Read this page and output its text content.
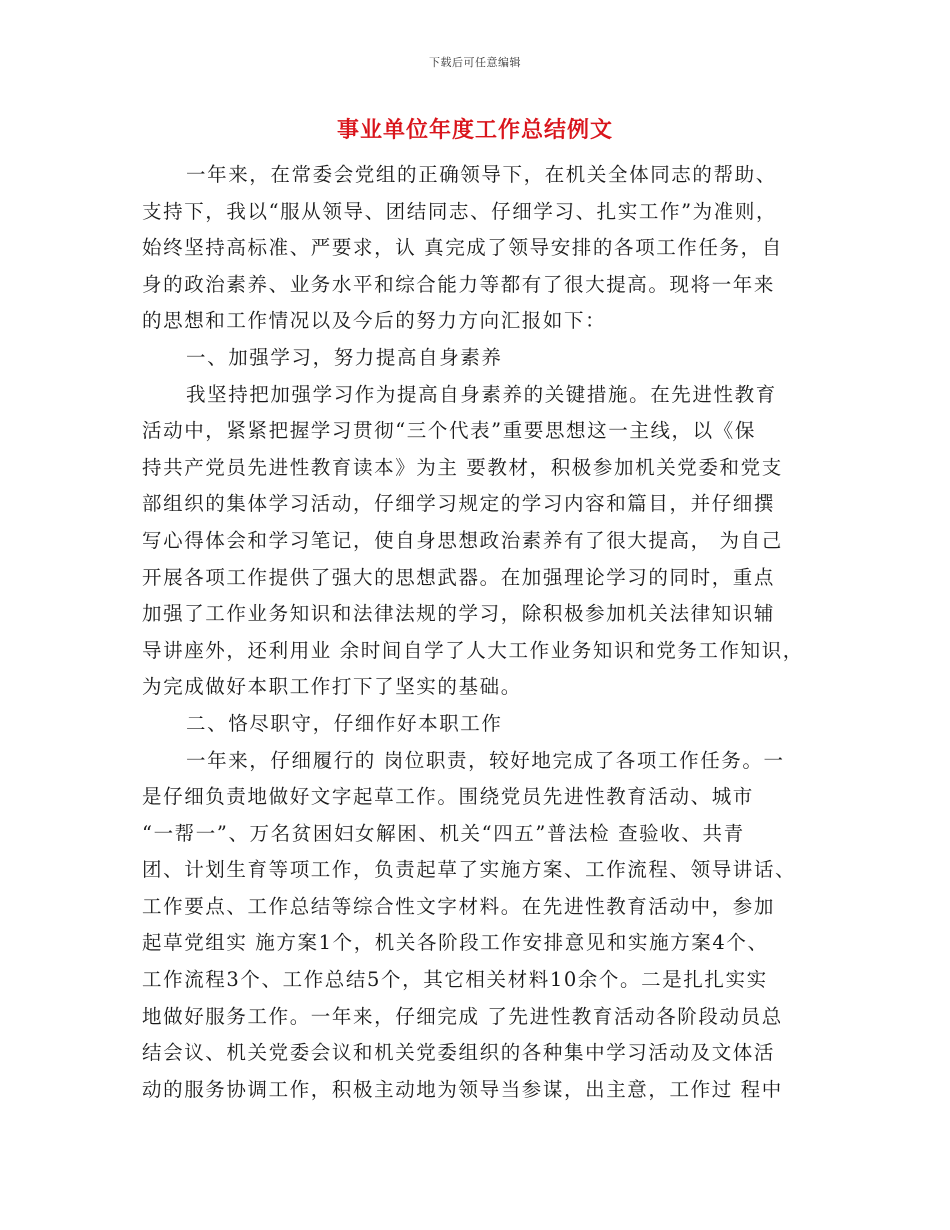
下载后可任意编辑
事业单位年度工作总结例文
一年来，在常委会党组的正确领导下，在机关全体同志的帮助、
支持下，我以“服从领导、团结同志、仔细学习、扎实工作”为准则，
始终坚持高标准、严要求，认 真完成了领导安排的各项工作任务，自
身的政治素养、业务水平和综合能力等都有了很大提高。现将一年来
的思想和工作情况以及今后的努力方向汇报如下：
一、加强学习，努力提高自身素养
我坚持把加强学习作为提高自身素养的关键措施。在先进性教育
活动中，紧紧把握学习贯彻“三个代表”重要思想这一主线，以《保
持共产党员先进性教育读本》为主 要教材，积极参加机关党委和党支
部组织的集体学习活动，仔细学习规定的学习内容和篇目，并仔细撰
写心得体会和学习笔记，使自身思想政治素养有了很大提高， 为自己
开展各项工作提供了强大的思想武器。在加强理论学习的同时，重点
加强了工作业务知识和法律法规的学习，除积极参加机关法律知识辅
导讲座外，还利用业 余时间自学了人大工作业务知识和党务工作知识，
为完成做好本职工作打下了坚实的基础。
二、恪尽职守，仔细作好本职工作
一年来，仔细履行的 岗位职责，较好地完成了各项工作任务。一
是仔细负责地做好文字起草工作。围绕党员先进性教育活动、城市
“一帮一”、万名贫困妇女解困、机关“四五”普法检 查验收、共青
团、计划生育等项工作，负责起草了实施方案、工作流程、领导讲话、
工作要点、工作总结等综合性文字材料。在先进性教育活动中，参加
起草党组实 施方案1个，机关各阶段工作安排意见和实施方案4个、
工作流程3个、工作总结5个，其它相关材料10余个。二是扎扎实实
地做好服务工作。一年来，仔细完成 了先进性教育活动各阶段动员总
结会议、机关党委会议和机关党委组织的各种集中学习活动及文体活
动的服务协调工作，积极主动地为领导当参谋，出主意，工作过 程中
